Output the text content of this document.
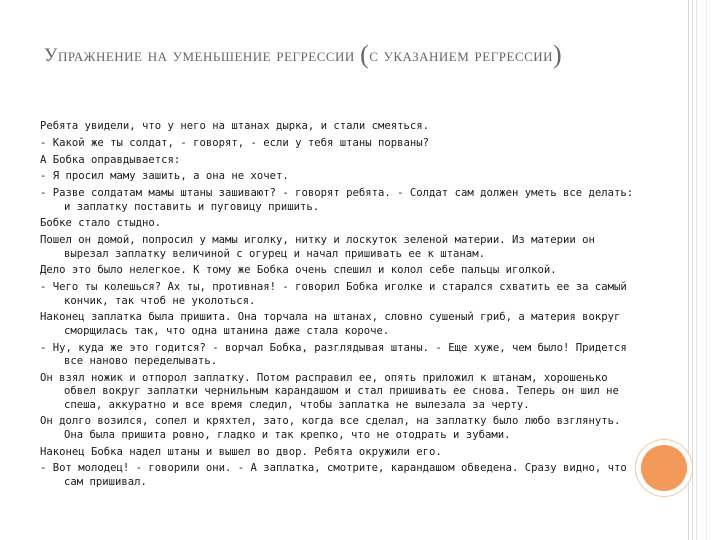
Упражнение на уменьшение регрессии (с указанием регрессии)

Ребята увидели, что у него на штанах дырка, и стали смеяться.

- Какой же ты солдат, - говорят, - если у тебя штаны порваны?

А Бобка оправдывается:

- Я просил маму зашить, а она не хочет.

- Разве солдатам мамы штаны зашивают? - говорят ребята. - Солдат сам должен уметь все делать: и заплатку поставить и пуговицу пришить.

Бобке стало стыдно.

Пошел он домой, попросил у мамы иголку, нитку и лоскуток зеленой материи. Из материи он вырезал заплатку величиной с огурец и начал пришивать ее к штанам.

Дело это было нелегкое. К тому же Бобка очень спешил и колол себе пальцы иголкой.

- Чего ты колешься? Ах ты, противная! - говорил Бобка иголке и старался схватить ее за самый кончик, так чтоб не уколоться.

Наконец заплатка была пришита. Она торчала на штанах, словно сушеный гриб, а материя вокруг сморщилась так, что одна штанина даже стала короче.

- Ну, куда же это годится? - ворчал Бобка, разглядывая штаны. - Еще хуже, чем было! Придется все наново переделывать.

Он взял ножик и отпорол заплатку. Потом расправил ее, опять приложил к штанам, хорошенько обвел вокруг заплатки чернильным карандашом и стал пришивать ее снова. Теперь он шил не спеша, аккуратно и все время следил, чтобы заплатка не вылезала за черту.

Он долго возился, сопел и кряхтел, зато, когда все сделал, на заплатку было любо взглянуть. Она была пришита ровно, гладко и так крепко, что не отодрать и зубами.

Наконец Бобка надел штаны и вышел во двор. Ребята окружили его.

- Вот молодец! - говорили они. - А заплатка, смотрите, карандашом обведена. Сразу видно, что сам пришивал.
